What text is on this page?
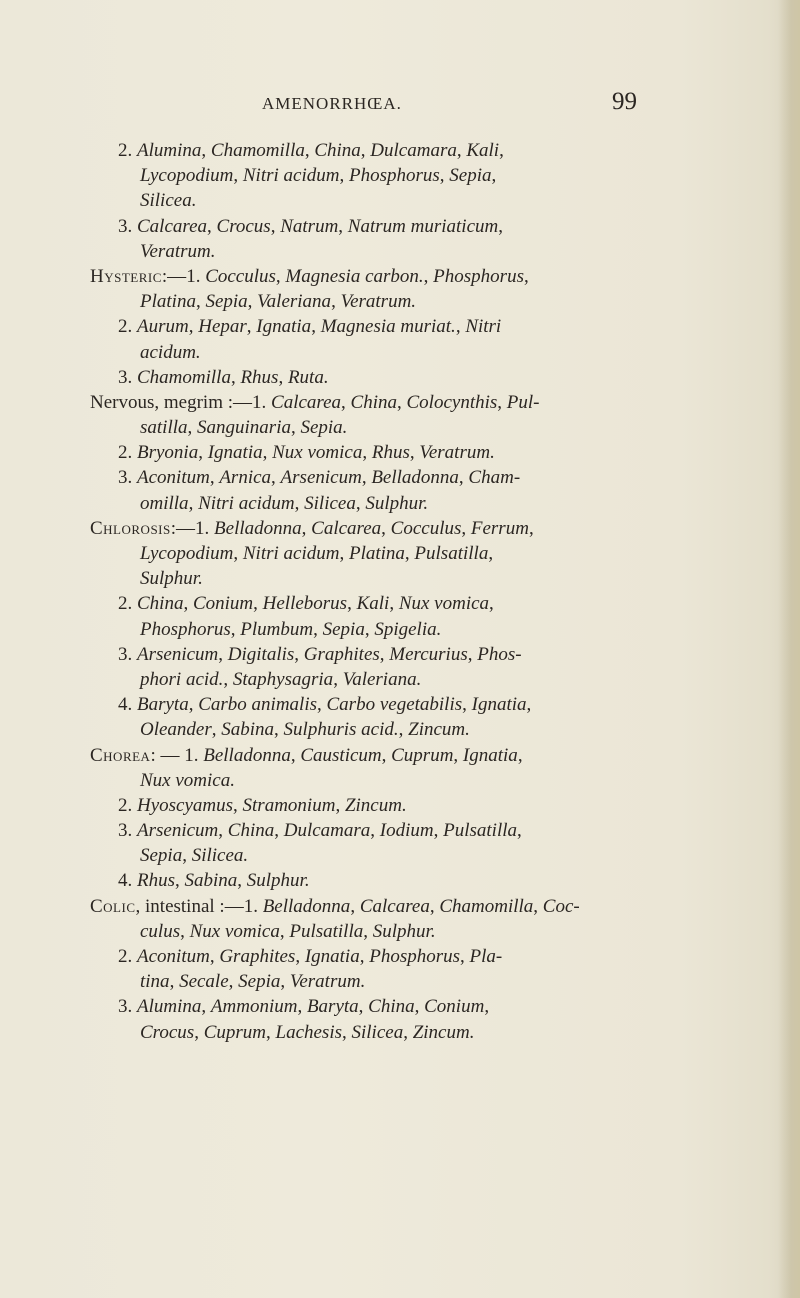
AMENORRHŒA.	99
2. Alumina, Chamomilla, China, Dulcamara, Kali,
Lycopodium, Nitri acidum, Phosphorus, Sepia,
Silicea.
3. Calcarea, Crocus, Natrum, Natrum muriaticum,
Veratrum.
Hysteric:—1. Cocculus, Magnesia carbon., Phosphorus,
Platina, Sepia, Valeriana, Veratrum.
2. Aurum, Hepar, Ignatia, Magnesia muriat., Nitri
acidum.
3. Chamomilla, Rhus, Ruta.
Nervous, megrim :—1. Calcarea, China, Colocynthis, Pul-
satilla, Sanguinaria, Sepia.
2. Bryonia, Ignatia, Nux vomica, Rhus, Veratrum.
3. Aconitum, Arnica, Arsenicum, Belladonna, Cham-
omilla, Nitri acidum, Silicea, Sulphur.
Chlorosis:—1. Belladonna, Calcarea, Cocculus, Ferrum,
Lycopodium, Nitri acidum, Platina, Pulsatilla,
Sulphur.
2. China, Conium, Helleborus, Kali, Nux vomica,
Phosphorus, Plumbum, Sepia, Spigelia.
3. Arsenicum, Digitalis, Graphites, Mercurius, Phos-
phori acid., Staphysagria, Valeriana.
4. Baryta, Carbo animalis, Carbo vegetabilis, Ignatia,
Oleander, Sabina, Sulphuris acid., Zincum.
Chorea: — 1. Belladonna, Causticum, Cuprum, Ignatia,
Nux vomica.
2. Hyoscyamus, Stramonium, Zincum.
3. Arsenicum, China, Dulcamara, Iodium, Pulsatilla,
Sepia, Silicea.
4. Rhus, Sabina, Sulphur.
Colic, intestinal :—1. Belladonna, Calcarea, Chamomilla, Coc-
culus, Nux vomica, Pulsatilla, Sulphur.
2. Aconitum, Graphites, Ignatia, Phosphorus, Pla-
tina, Secale, Sepia, Veratrum.
3. Alumina, Ammonium, Baryta, China, Conium,
Crocus, Cuprum, Lachesis, Silicea, Zincum.
